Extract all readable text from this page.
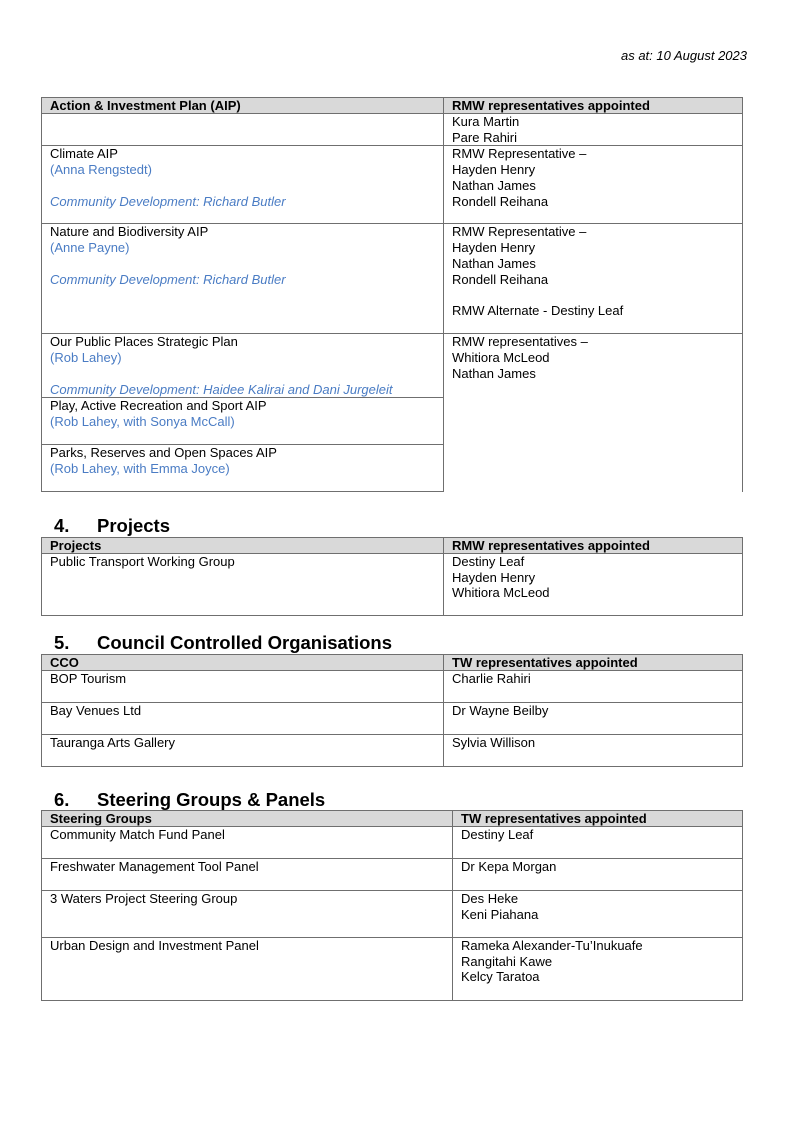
as at: 10 August 2023
Action & Investment Plan (AIP)	RMW representatives appointed

	Kura Martin
Pare Rahiri

Climate AIP
(Anna Rengstedt)
Community Development: Richard Butler	RMW Representative –
Hayden Henry
Nathan James
Rondell Reihana

Nature and Biodiversity AIP
(Anne Payne)
Community Development: Richard Butler	RMW Representative –
Hayden Henry
Nathan James
Rondell Reihana
RMW Alternate - Destiny Leaf

Our Public Places Strategic Plan
(Rob Lahey)
Community Development: Haidee Kalirai and Dani Jurgeleit	RMW representatives –
Whitiora McLeod
Nathan James

Play, Active Recreation and Sport AIP
(Rob Lahey, with Sonya McCall)	

Parks, Reserves and Open Spaces AIP
(Rob Lahey, with Emma Joyce)	
4. Projects
Projects	RMW representatives appointed
Public Transport Working Group	Destiny Leaf
Hayden Henry
Whitiora McLeod
5. Council Controlled Organisations
CCO	TW representatives appointed
BOP Tourism	Charlie Rahiri
Bay Venues Ltd	Dr Wayne Beilby
Tauranga Arts Gallery	Sylvia Willison
6. Steering Groups & Panels
Steering Groups	TW representatives appointed
Community Match Fund Panel	Destiny Leaf

Freshwater Management Tool Panel	Dr Kepa Morgan

3 Waters Project Steering Group	Des Heke
Keni Piahana

Urban Design and Investment Panel	Rameka Alexander-Tu’Inukuafe
Rangitahi Kawe
Kelcy Taratoa
